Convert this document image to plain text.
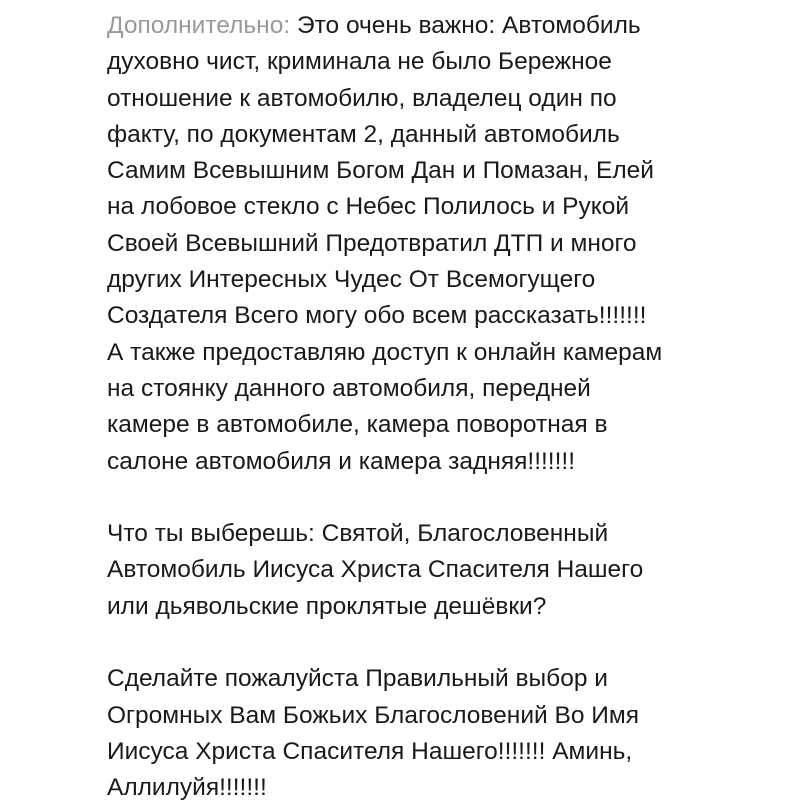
Дополнительно: Это очень важно: Автомобиль
духовно чист, криминала не было Бережное
отношение к автомобилю, владелец один по
факту, по документам 2, данный автомобиль
Самим Всевышним Богом Дан и Помазан, Елей
на лобовое стекло с Небес Полилось и Рукой
Своей Всевышний Предотвратил ДТП и много
других Интересных Чудес От Всемогущего
Создателя Всего могу обо всем рассказать!!!!!!!
А также предоставляю доступ к онлайн камерам
на стоянку данного автомобиля, передней
камере в автомобиле, камера поворотная в
салоне автомобиля и камера задняя!!!!!!!

Что ты выберешь: Святой, Благословенный
Автомобиль Иисуса Христа Спасителя Нашего
или дьявольские проклятые дешёвки?

Сделайте пожалуйста Правильный выбор и
Огромных Вам Божьих Благословений Во Имя
Иисуса Христа Спасителя Нашего!!!!!!! Аминь,
Аллилуйя!!!!!!!
